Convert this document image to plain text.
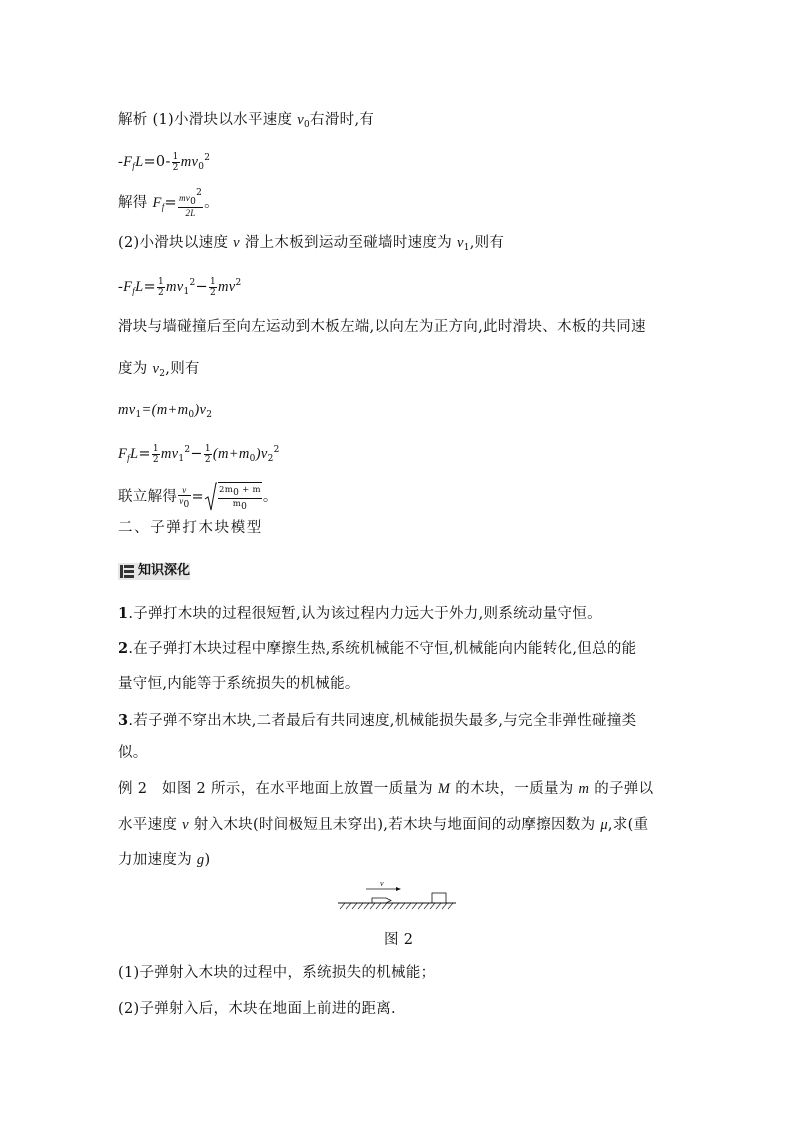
解析 (1)小滑块以水平速度 $v_0$右滑时,有
$-F_fL=0- \frac{1}{2} mv_0^2$
解得 $F_f= \frac{mv02}{2L}$ 。
(2)小滑块以速度 v 滑上木板到运动至碰墙时速度为 $v_1$,则有
$-F_fL= \frac{1}{2} mv_1^2- \frac{1}{2} mv^2$
滑块与墙碰撞后至向左运动到木板左端,以向左为正方向,此时滑块、木板的共同速
度为 $v_2$,则有
$mv_1=(m+m_0)v_2$
$F_fL= \frac{1}{2} mv_1^2- \frac{1}{2} (m+m_0)v_2^2$
联立解得 $\frac{v}{v0} = \frac{2m0 + m}{m0}$ 。
二、子弹打木块模型
知识深化
1.子弹打木块的过程很短暂,认为该过程内力远大于外力,则系统动量守恒。
2.在子弹打木块过程中摩擦生热,系统机械能不守恒,机械能向内能转化,但总的能
量守恒,内能等于系统损失的机械能。
3.若子弹不穿出木块,二者最后有共同速度,机械能损失最多,与完全非弹性碰撞类
似。
例 2　如图 2 所示，在水平地面上放置一质量为 M 的木块，一质量为 m 的子弹以
水平速度 v 射入木块(时间极短且未穿出),若木块与地面间的动摩擦因数为 μ,求(重
力加速度为 g)
v
图 2
(1)子弹射入木块的过程中，系统损失的机械能；
(2)子弹射入后，木块在地面上前进的距离.
